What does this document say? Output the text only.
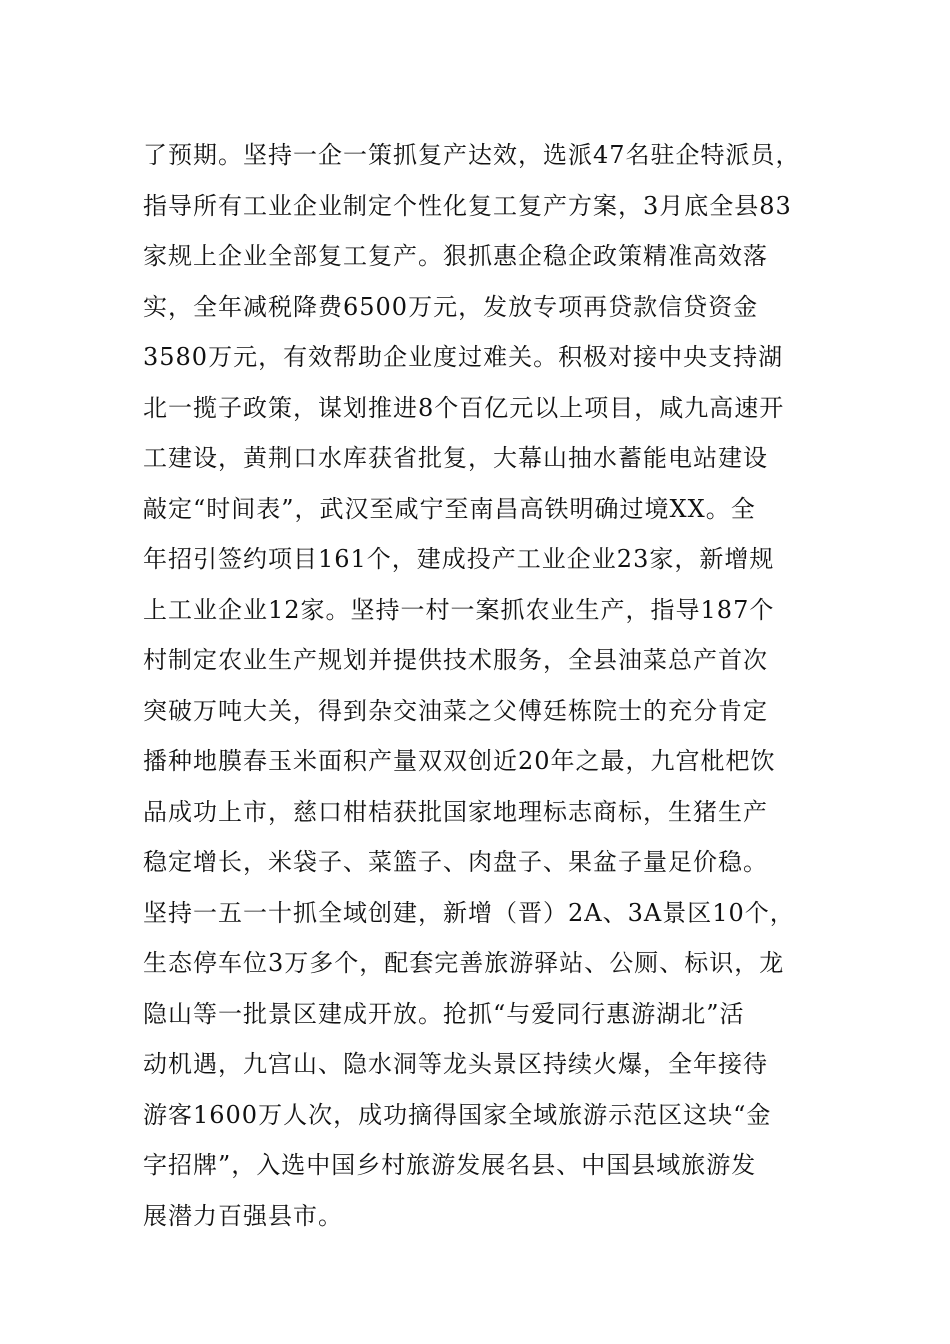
了预期。坚持一企一策抓复产达效，选派47名驻企特派员，
指导所有工业企业制定个性化复工复产方案，3月底全县83
家规上企业全部复工复产。狠抓惠企稳企政策精准高效落
实，全年减税降费6500万元，发放专项再贷款信贷资金
3580万元，有效帮助企业度过难关。积极对接中央支持湖
北一揽子政策，谋划推进8个百亿元以上项目，咸九高速开
工建设，黄荆口水库获省批复，大幕山抽水蓄能电站建设
敲定“时间表”，武汉至咸宁至南昌高铁明确过境XX。全
年招引签约项目161个，建成投产工业企业23家，新增规
上工业企业12家。坚持一村一案抓农业生产，指导187个
村制定农业生产规划并提供技术服务，全县油菜总产首次
突破万吨大关，得到杂交油菜之父傅廷栋院士的充分肯定
播种地膜春玉米面积产量双双创近20年之最，九宫枇杷饮
品成功上市，慈口柑桔获批国家地理标志商标，生猪生产
稳定增长，米袋子、菜篮子、肉盘子、果盆子量足价稳。
坚持一五一十抓全域创建，新增（晋）2A、3A景区10个，
生态停车位3万多个，配套完善旅游驿站、公厕、标识，龙
隐山等一批景区建成开放。抢抓“与爱同行惠游湖北”活
动机遇，九宫山、隐水洞等龙头景区持续火爆，全年接待
游客1600万人次，成功摘得国家全域旅游示范区这块“金
字招牌”，入选中国乡村旅游发展名县、中国县域旅游发
展潜力百强县市。
